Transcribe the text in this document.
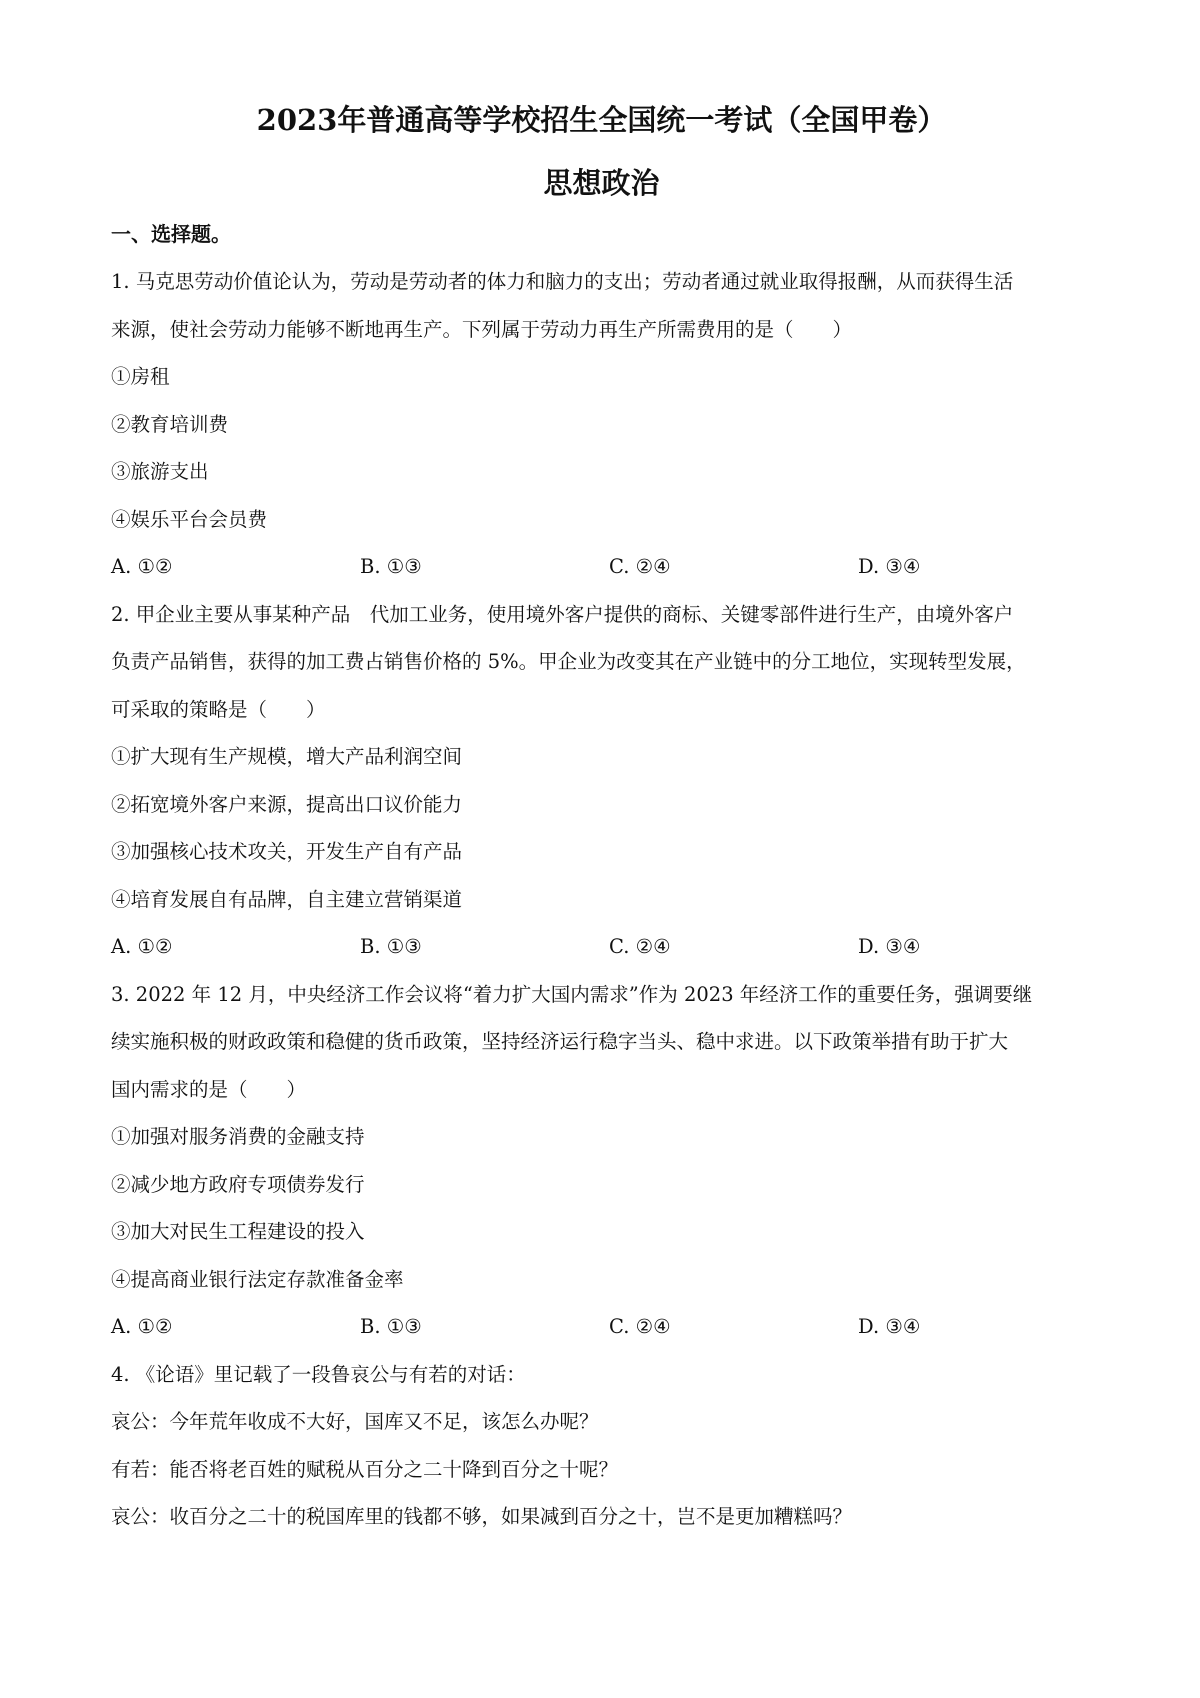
2023年普通高等学校招生全国统一考试（全国甲卷）
思想政治
一、选择题。
1. 马克思劳动价值论认为，劳动是劳动者的体力和脑力的支出；劳动者通过就业取得报酬，从而获得生活
来源，使社会劳动力能够不断地再生产。下列属于劳动力再生产所需费用的是（　　）
①房租
②教育培训费
③旅游支出
④娱乐平台会员费
A. ①②	B. ①③	C. ②④	D. ③④
2. 甲企业主要从事某种产品　代加工业务，使用境外客户提供的商标、关键零部件进行生产，由境外客户
负责产品销售，获得的加工费占销售价格的 5%。甲企业为改变其在产业链中的分工地位，实现转型发展，
可采取的策略是（　　）
①扩大现有生产规模，增大产品利润空间
②拓宽境外客户来源，提高出口议价能力
③加强核心技术攻关，开发生产自有产品
④培育发展自有品牌，自主建立营销渠道
A. ①②	B. ①③	C. ②④	D. ③④
3. 2022 年 12 月，中央经济工作会议将“着力扩大国内需求”作为 2023 年经济工作的重要任务，强调要继
续实施积极的财政政策和稳健的货币政策，坚持经济运行稳字当头、稳中求进。以下政策举措有助于扩大
国内需求的是（　　）
①加强对服务消费的金融支持
②减少地方政府专项债券发行
③加大对民生工程建设的投入
④提高商业银行法定存款准备金率
A. ①②	B. ①③	C. ②④	D. ③④
4. 《论语》里记载了一段鲁哀公与有若的对话：
哀公：今年荒年收成不大好，国库又不足，该怎么办呢？
有若：能否将老百姓的赋税从百分之二十降到百分之十呢？
哀公：收百分之二十的税国库里的钱都不够，如果减到百分之十，岂不是更加糟糕吗？
